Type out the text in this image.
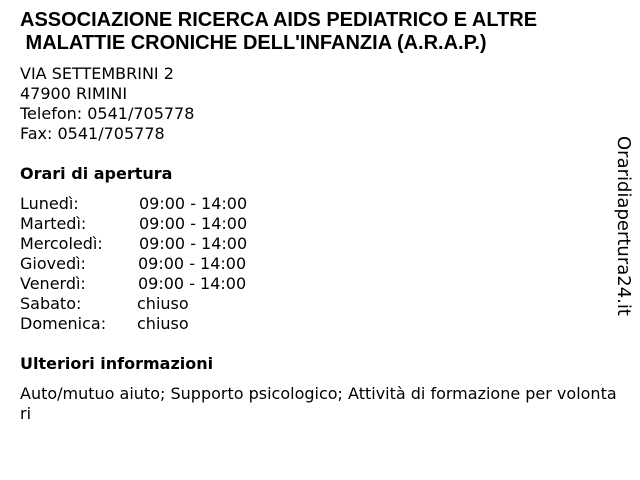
ASSOCIAZIONE RICERCA AIDS PEDIATRICO E ALTRE
MALATTIE CRONICHE DELL'INFANZIA (A.R.A.P.)
VIA SETTEMBRINI 2
47900 RIMINI
Telefon: 0541/705778
Fax: 0541/705778
Orari di apertura

Lunedì:

	09:00 - 14:00

Martedì:

	09:00 - 14:00

Mercoledì:

09:00 - 14:00

Giovedì:

	09:00 - 14:00

Venerdì:

	09:00 - 14:00

Sabato:

	chiuso

Domenica:

chiuso

Ulteriori informazioni
Auto/mutuo aiuto; Supporto psicologico; Attività di formazione per volontari
Oraridiapertura24.it
